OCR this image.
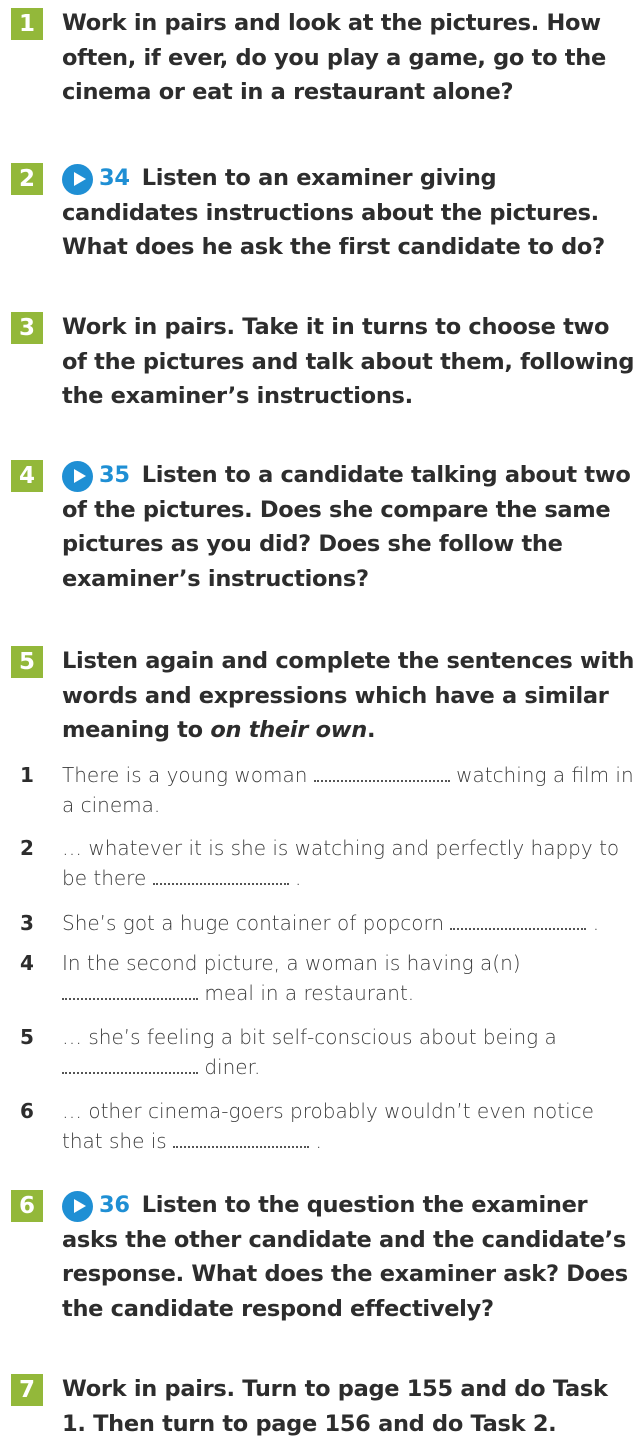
1	Work in pairs and look at the pictures. How often, if ever, do you play a game, go to the cinema or eat in a restaurant alone?
2	34 Listen to an examiner giving candidates instructions about the pictures. What does he ask the first candidate to do?
3	Work in pairs. Take it in turns to choose two of the pictures and talk about them, following the examiner’s instructions.
4	35 Listen to a candidate talking about two of the pictures. Does she compare the same pictures as you did? Does she follow the examiner’s instructions?
5	Listen again and complete the sentences with words and expressions which have a similar meaning to on their own.
1 There is a young woman	watching a film in a cinema.
2 … whatever it is she is watching and perfectly happy to be there	.
3 She’s got a huge container of popcorn	.
4 In the second picture, a woman is having a(n)  meal in a restaurant.
5 … she’s feeling a bit self-conscious about being a  diner.
6 … other cinema-goers probably wouldn’t even notice that she is	.
6	36 Listen to the question the examiner asks the other candidate and the candidate’s response. What does the examiner ask? Does the candidate respond effectively?
7	Work in pairs. Turn to page 155 and do Task 1. Then turn to page 156 and do Task 2.
